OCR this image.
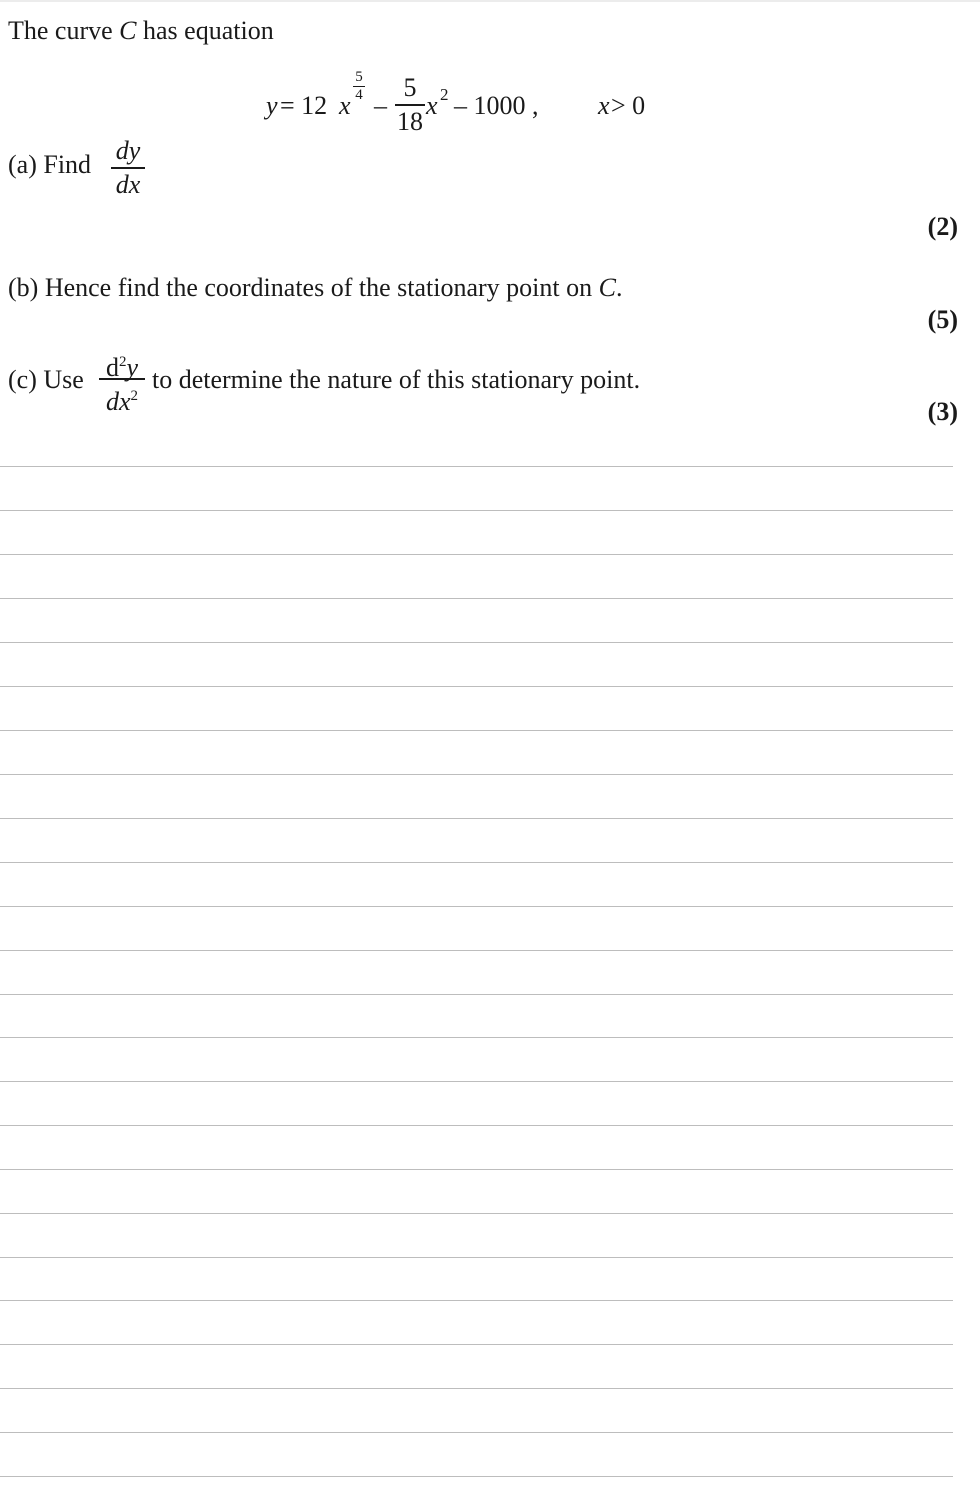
The curve C has equation
y = 12 x
5
4 –
5
18
x 2 – 1000 , x > 0
(a) Find dy
dx
(2)
(b) Hence find the coordinates of the stationary point on C.
(5)
(c) Use $d^2y$
$dx^2$
to determine the nature of this stationary point.
(3)
